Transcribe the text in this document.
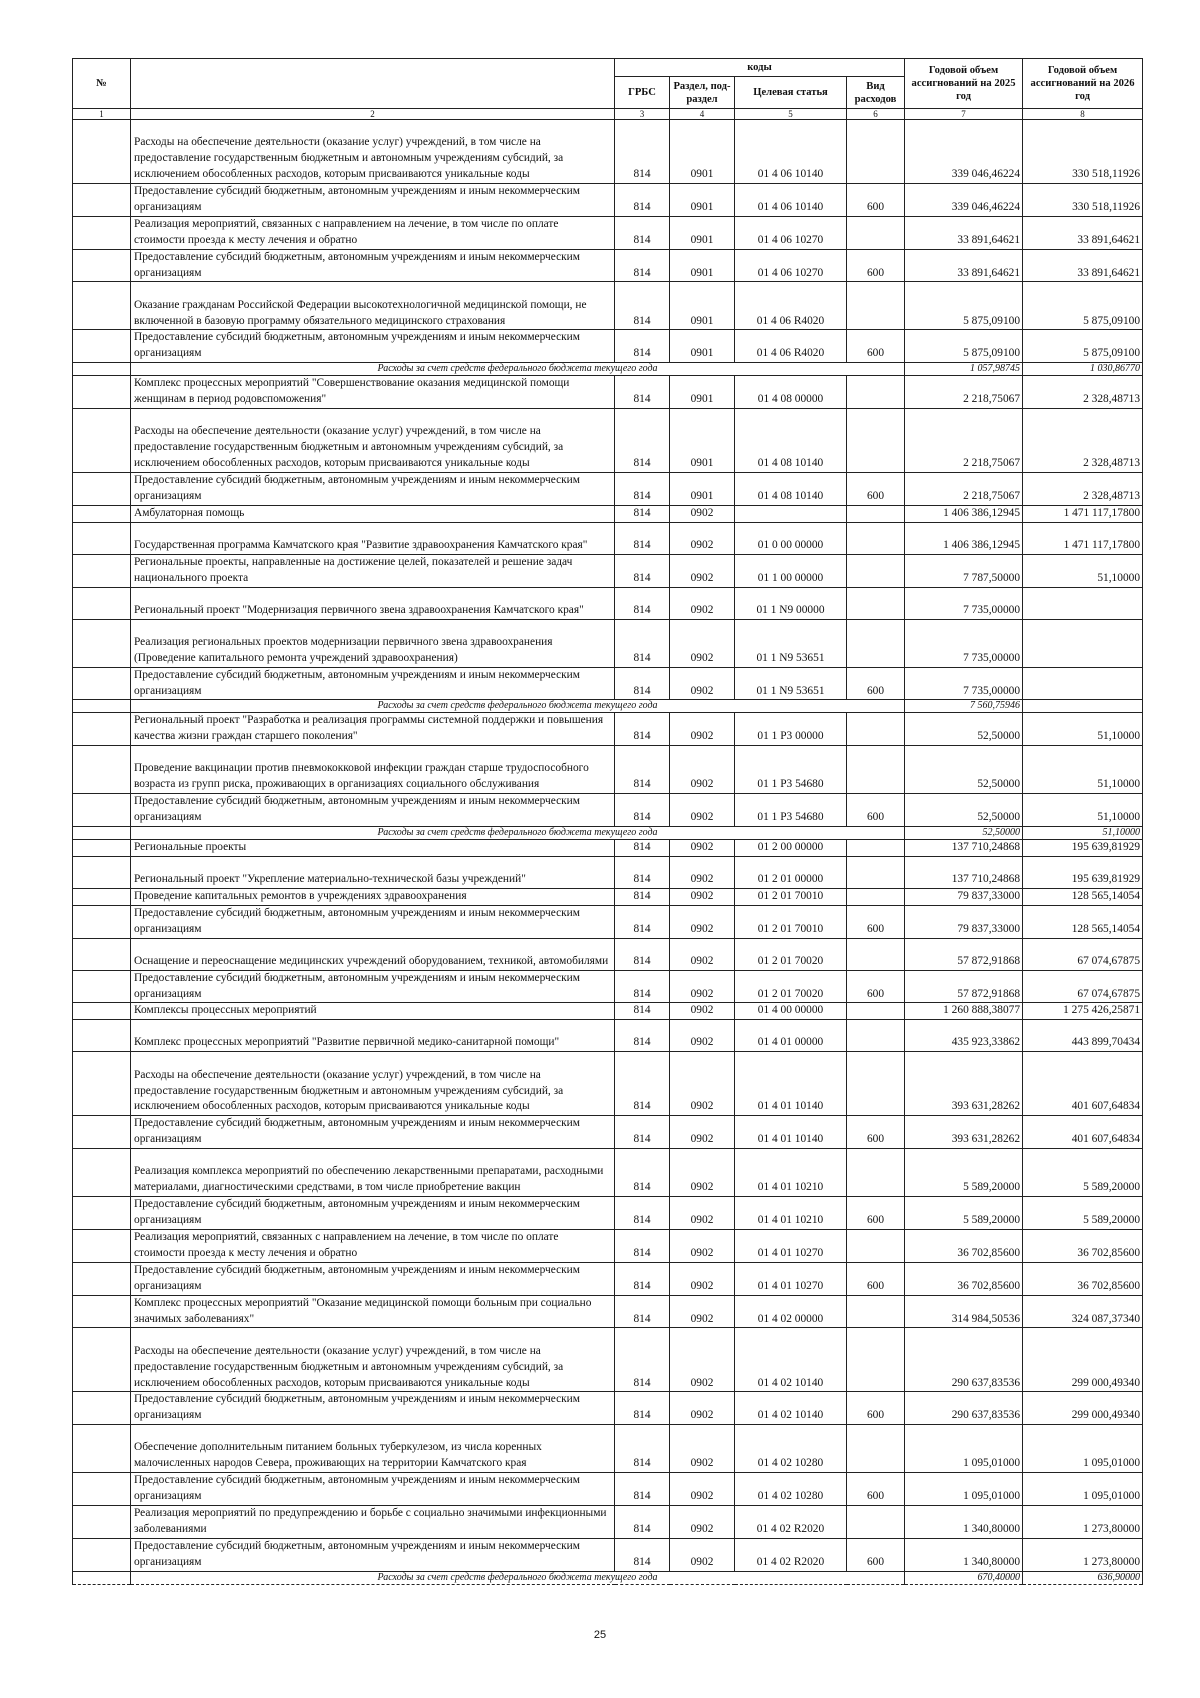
№		коды				Годовой объем ассигнований на 2025 год	Годовой объем ассигнований на 2026 год
		ГРБС	Раздел, под-раздел	Целевая статья	Вид расходов		
1	2	3	4	5	6	7	8
	Расходы на обеспечение деятельности (оказание услуг) учреждений, в том числе на предоставление государственным бюджетным и автономным учреждениям субсидий, за исключением обособленных расходов, которым присваиваются уникальные коды	814	0901	01 4 06 10140		339 046,46224	330 518,11926
	Предоставление субсидий бюджетным, автономным учреждениям и иным некоммерческим организациям	814	0901	01 4 06 10140	600	339 046,46224	330 518,11926
	Реализация мероприятий, связанных с направлением на лечение, в том числе по оплате стоимости проезда к месту лечения и обратно	814	0901	01 4 06 10270		33 891,64621	33 891,64621
	Предоставление субсидий бюджетным, автономным учреждениям и иным некоммерческим организациям	814	0901	01 4 06 10270	600	33 891,64621	33 891,64621
	Оказание гражданам Российской Федерации высокотехнологичной медицинской помощи, не включенной в базовую программу обязательного медицинского страхования	814	0901	01 4 06 R4020		5 875,09100	5 875,09100
	Предоставление субсидий бюджетным, автономным учреждениям и иным некоммерческим организациям	814	0901	01 4 06 R4020	600	5 875,09100	5 875,09100
	Расходы за счет средств федерального бюджета текущего года					1 057,98745	1 030,86770
	Комплекс процессных мероприятий "Совершенствование оказания медицинской помощи женщинам в период родовспоможения"	814	0901	01 4 08 00000		2 218,75067	2 328,48713
	Расходы на обеспечение деятельности (оказание услуг) учреждений, в том числе на предоставление государственным бюджетным и автономным учреждениям субсидий, за исключением обособленных расходов, которым присваиваются уникальные коды	814	0901	01 4 08 10140		2 218,75067	2 328,48713
	Предоставление субсидий бюджетным, автономным учреждениям и иным некоммерческим организациям	814	0901	01 4 08 10140	600	2 218,75067	2 328,48713
	Амбулаторная помощь	814	0902			1 406 386,12945	1 471 117,17800
	Государственная программа Камчатского края "Развитие здравоохранения Камчатского края"	814	0902	01 0 00 00000		1 406 386,12945	1 471 117,17800
	Региональные проекты, направленные на достижение целей, показателей и решение задач национального проекта	814	0902	01 1 00 00000		7 787,50000	51,10000
	Региональный проект "Модернизация первичного звена здравоохранения Камчатского края"	814	0902	01 1 N9 00000		7 735,00000	
	Реализация региональных проектов модернизации первичного звена здравоохранения (Проведение капитального ремонта учреждений здравоохранения)	814	0902	01 1 N9 53651		7 735,00000	
	Предоставление субсидий бюджетным, автономным учреждениям и иным некоммерческим организациям	814	0902	01 1 N9 53651	600	7 735,00000	
	Расходы за счет средств федерального бюджета текущего года					7 560,75946	
	Региональный проект "Разработка и реализация программы системной поддержки и повышения качества жизни граждан старшего поколения"	814	0902	01 1 P3 00000		52,50000	51,10000
	Проведение вакцинации против пневмококковой инфекции граждан старше трудоспособного возраста из групп риска, проживающих в организациях социального обслуживания	814	0902	01 1 P3 54680		52,50000	51,10000
	Предоставление субсидий бюджетным, автономным учреждениям и иным некоммерческим организациям	814	0902	01 1 P3 54680	600	52,50000	51,10000
	Расходы за счет средств федерального бюджета текущего года					52,50000	51,10000
	Региональные проекты	814	0902	01 2 00 00000		137 710,24868	195 639,81929
	Региональный проект "Укрепление материально-технической базы учреждений"	814	0902	01 2 01 00000		137 710,24868	195 639,81929
	Проведение капитальных ремонтов в учреждениях здравоохранения	814	0902	01 2 01 70010		79 837,33000	128 565,14054
	Предоставление субсидий бюджетным, автономным учреждениям и иным некоммерческим организациям	814	0902	01 2 01 70010	600	79 837,33000	128 565,14054
	Оснащение и переоснащение медицинских учреждений оборудованием, техникой, автомобилями	814	0902	01 2 01 70020		57 872,91868	67 074,67875
	Предоставление субсидий бюджетным, автономным учреждениям и иным некоммерческим организациям	814	0902	01 2 01 70020	600	57 872,91868	67 074,67875
	Комплексы процессных мероприятий	814	0902	01 4 00 00000		1 260 888,38077	1 275 426,25871
	Комплекс процессных мероприятий "Развитие первичной медико-санитарной помощи"	814	0902	01 4 01 00000		435 923,33862	443 899,70434
	Расходы на обеспечение деятельности (оказание услуг) учреждений, в том числе на предоставление государственным бюджетным и автономным учреждениям субсидий, за исключением обособленных расходов, которым присваиваются уникальные коды	814	0902	01 4 01 10140		393 631,28262	401 607,64834
	Предоставление субсидий бюджетным, автономным учреждениям и иным некоммерческим организациям	814	0902	01 4 01 10140	600	393 631,28262	401 607,64834
	Реализация комплекса мероприятий по обеспечению лекарственными препаратами, расходными материалами, диагностическими средствами, в том числе приобретение вакцин	814	0902	01 4 01 10210		5 589,20000	5 589,20000
	Предоставление субсидий бюджетным, автономным учреждениям и иным некоммерческим организациям	814	0902	01 4 01 10210	600	5 589,20000	5 589,20000
	Реализация мероприятий, связанных с направлением на лечение, в том числе по оплате стоимости проезда к месту лечения и обратно	814	0902	01 4 01 10270		36 702,85600	36 702,85600
	Предоставление субсидий бюджетным, автономным учреждениям и иным некоммерческим организациям	814	0902	01 4 01 10270	600	36 702,85600	36 702,85600
	Комплекс процессных мероприятий "Оказание медицинской помощи больным при социально значимых заболеваниях"	814	0902	01 4 02 00000		314 984,50536	324 087,37340
	Расходы на обеспечение деятельности (оказание услуг) учреждений, в том числе на предоставление государственным бюджетным и автономным учреждениям субсидий, за исключением обособленных расходов, которым присваиваются уникальные коды	814	0902	01 4 02 10140		290 637,83536	299 000,49340
	Предоставление субсидий бюджетным, автономным учреждениям и иным некоммерческим организациям	814	0902	01 4 02 10140	600	290 637,83536	299 000,49340
	Обеспечение дополнительным питанием больных туберкулезом, из числа коренных малочисленных народов Севера, проживающих на территории Камчатского края	814	0902	01 4 02 10280		1 095,01000	1 095,01000
	Предоставление субсидий бюджетным, автономным учреждениям и иным некоммерческим организациям	814	0902	01 4 02 10280	600	1 095,01000	1 095,01000
	Реализация мероприятий по предупреждению и борьбе с социально значимыми инфекционными заболеваниями	814	0902	01 4 02 R2020		1 340,80000	1 273,80000
	Предоставление субсидий бюджетным, автономным учреждениям и иным некоммерческим организациям	814	0902	01 4 02 R2020	600	1 340,80000	1 273,80000
	Расходы за счет средств федерального бюджета текущего года					670,40000	636,90000
25
